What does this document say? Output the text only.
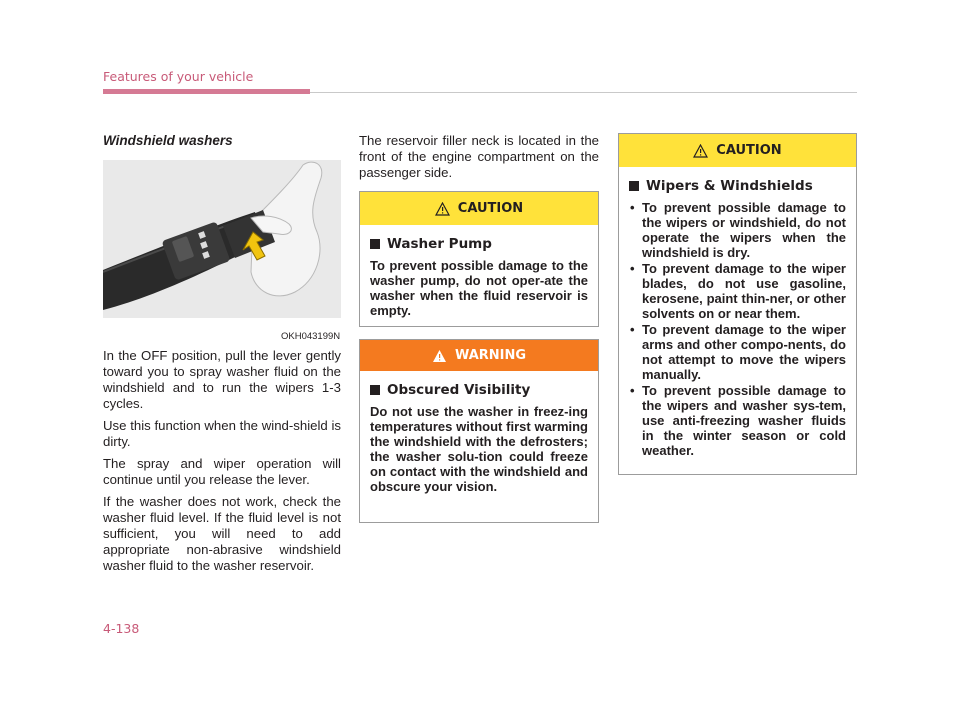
Features of your vehicle
Windshield washers
OKH043199N

In the OFF position, pull the lever gently toward you to spray washer fluid on the windshield and to run the wipers 1-3 cycles.

Use this function when the wind-shield is dirty.

The spray and wiper operation will continue until you release the lever.

If the washer does not work, check the washer fluid level. If the fluid level is not sufficient, you will need to add appropriate non-abrasive windshield washer fluid to the washer reservoir.

The reservoir filler neck is located in the front of the engine compartment on the passenger side.

CAUTION
Washer Pump

To prevent possible damage to the washer pump, do not oper-ate the washer when the fluid reservoir is empty.

WARNING
Obscured Visibility

Do not use the washer in freez-ing temperatures without first warming the windshield with the defrosters; the washer solu-tion could freeze on contact with the windshield and obscure your vision.

CAUTION
Wipers & Windshields
• To prevent possible damage to the wipers or windshield, do not operate the wipers when the windshield is dry.
• To prevent damage to the wiper blades, do not use gasoline, kerosene, paint thin-ner, or other solvents on or near them.
• To prevent damage to the wiper arms and other compo-nents, do not attempt to move the wipers manually.
• To prevent possible damage to the wipers and washer sys-tem, use anti-freezing washer fluids in the winter season or cold weather.
4-138
